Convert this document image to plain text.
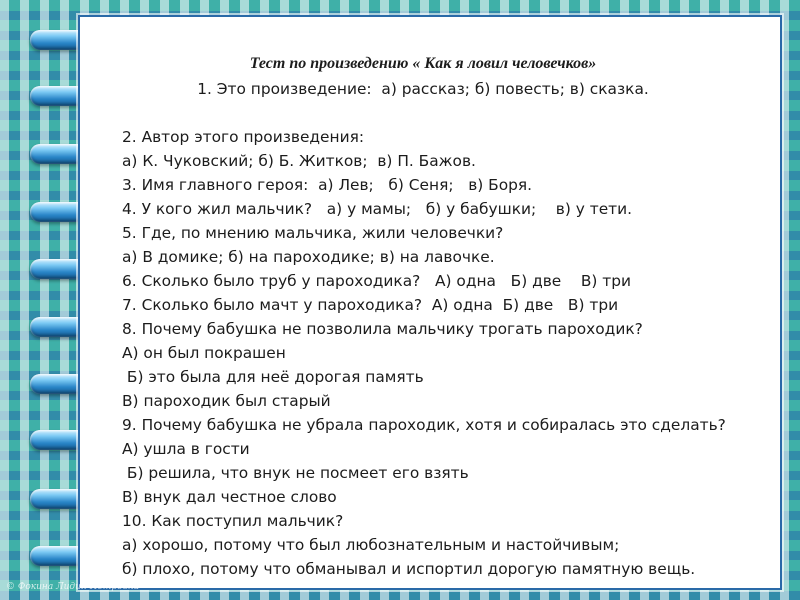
Тест по произведению « Как я ловил человечков»

1. Это произведение:  а) рассказ; б) повесть; в) сказка.
2. Автор этого произведения:
а) К. Чуковский; б) Б. Житков;  в) П. Бажов.
3. Имя главного героя:  а) Лев;   б) Сеня;   в) Боря.
4. У кого жил мальчик?   а) у мамы;   б) у бабушки;    в) у тети.
5. Где, по мнению мальчика, жили человечки?
а) В домике; б) на пароходике; в) на лавочке.
6. Сколько было труб у пароходика?   А) одна   Б) две    В) три
7. Сколько было мачт у пароходика?  А) одна  Б) две   В) три
8. Почему бабушка не позволила мальчику трогать пароходик?
А) он был покрашен
Б) это была для неё дорогая память
В) пароходик был старый
9. Почему бабушка не убрала пароходик, хотя и собиралась это сделать?
А) ушла в гости
Б) решила, что внук не посмеет его взять
В) внук дал честное слово
10. Как поступил мальчик?
а) хорошо, потому что был любознательным и настойчивым;
б) плохо, потому что обманывал и испортил дорогую памятную вещь.

© Фокина Лидия Петровна
